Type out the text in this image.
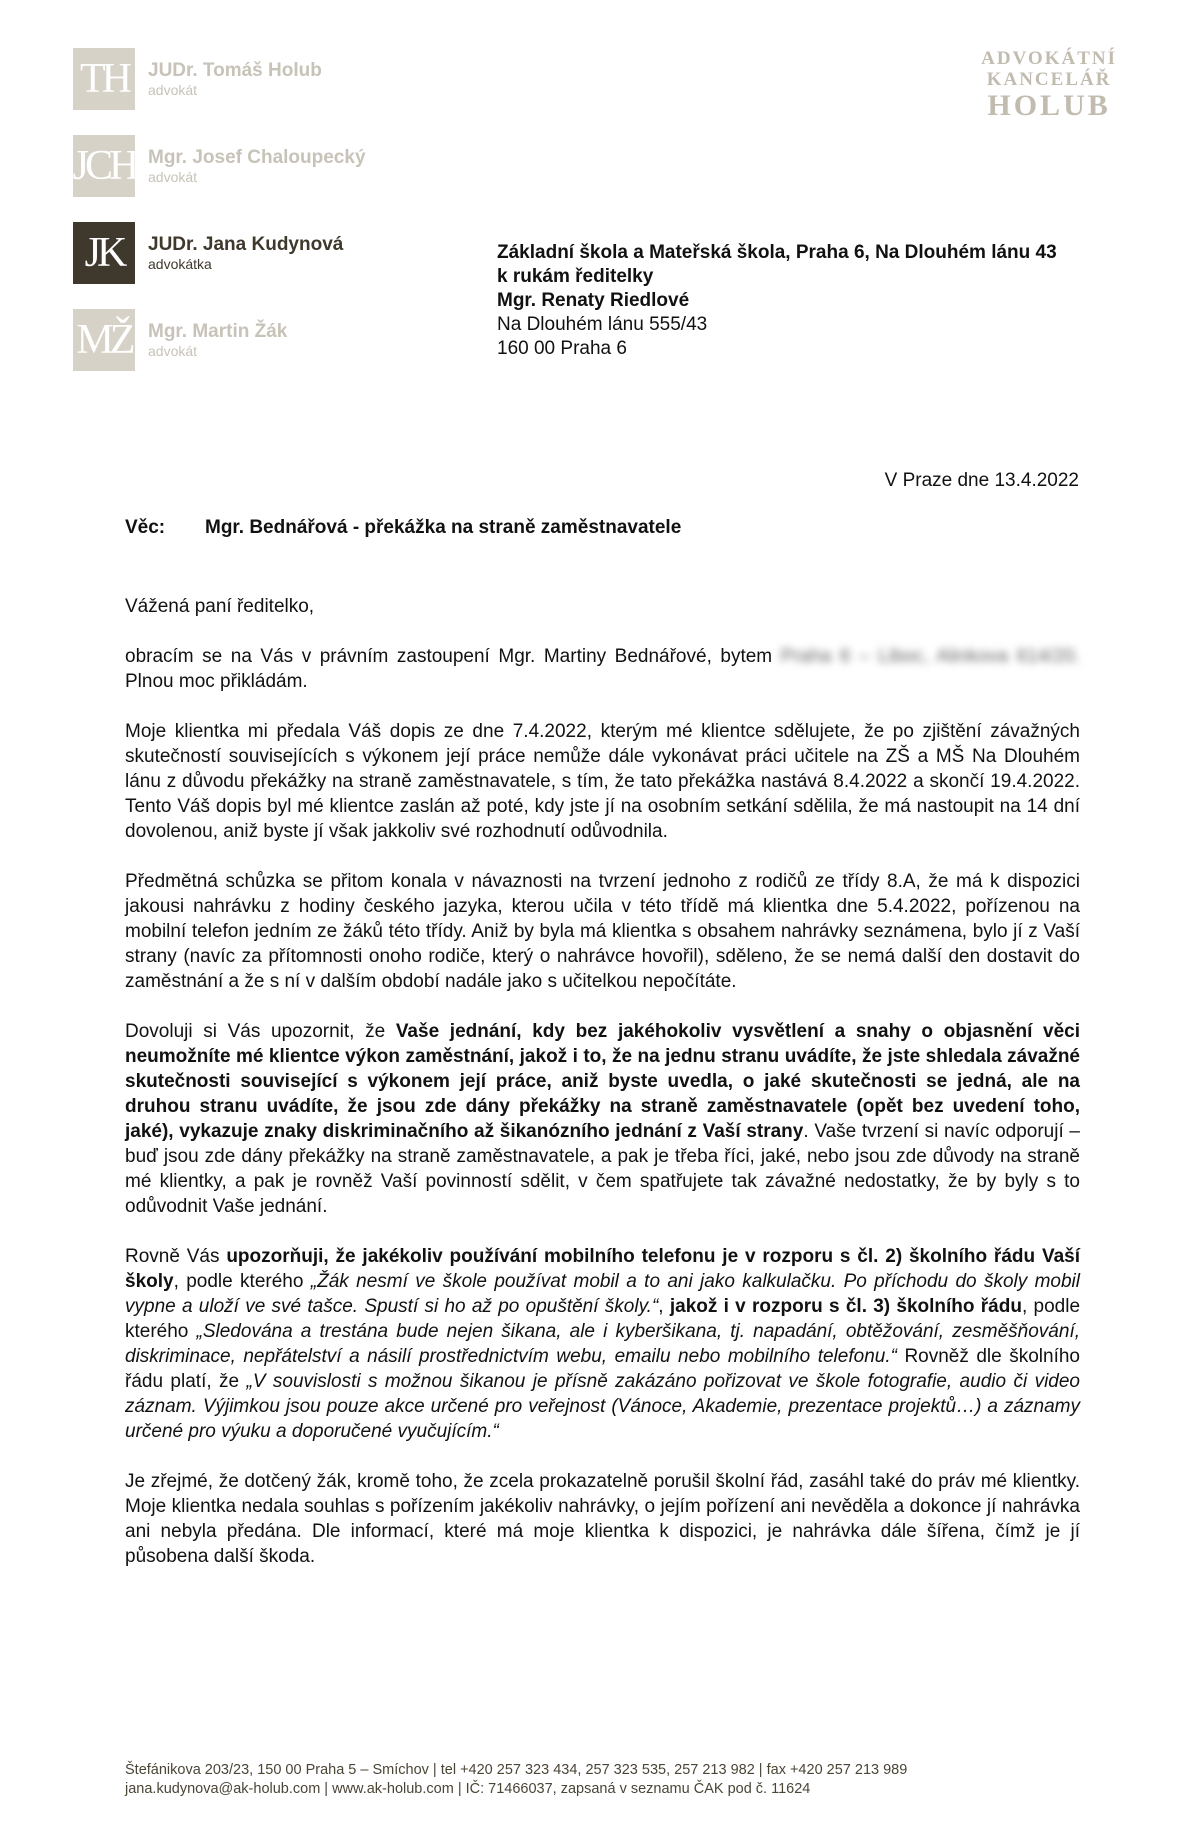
TH	JUDr. Tomáš Holub
advokát
JCH Mgr. Josef Chaloupecký
advokát
JK	JUDr. Jana Kudynová
advokátka
MŽ Mgr. Martin Žák
advokát
ADVOKÁTNÍ
KANCELÁŘ
HOLUB
Základní škola a Mateřská škola, Praha 6, Na Dlouhém lánu 43
k rukám ředitelky
Mgr. Renaty Riedlové
Na Dlouhém lánu 555/43
160 00 Praha 6
V Praze dne 13.4.2022
Věc: Mgr. Bednářová - překážka na straně zaměstnavatele

Vážená paní ředitelko,

obracím se na Vás v právním zastoupení Mgr. Martiny Bednářové, bytem Praha 6 – Liboc, Alinkova 614/20. Plnou moc přikládám.

Moje klientka mi předala Váš dopis ze dne 7.4.2022, kterým mé klientce sdělujete, že po zjištění závažných skutečností souvisejících s výkonem její práce nemůže dále vykonávat práci učitele na ZŠ a MŠ Na Dlouhém lánu z důvodu překážky na straně zaměstnavatele, s tím, že tato překážka nastává 8.4.2022 a skončí 19.4.2022. Tento Váš dopis byl mé klientce zaslán až poté, kdy jste jí na osobním setkání sdělila, že má nastoupit na 14 dní dovolenou, aniž byste jí však jakkoliv své rozhodnutí odůvodnila.

Předmětná schůzka se přitom konala v návaznosti na tvrzení jednoho z rodičů ze třídy 8.A, že má k dispozici jakousi nahrávku z hodiny českého jazyka, kterou učila v této třídě má klientka dne 5.4.2022, pořízenou na mobilní telefon jedním ze žáků této třídy. Aniž by byla má klientka s obsahem nahrávky seznámena, bylo jí z Vaší strany (navíc za přítomnosti onoho rodiče, který o nahrávce hovořil), sděleno, že se nemá další den dostavit do zaměstnání a že s ní v dalším období nadále jako s učitelkou nepočítáte.

Dovoluji si Vás upozornit, že Vaše jednání, kdy bez jakéhokoliv vysvětlení a snahy o objasnění věci neumožníte mé klientce výkon zaměstnání, jakož i to, že na jednu stranu uvádíte, že jste shledala závažné skutečnosti související s výkonem její práce, aniž byste uvedla, o jaké skutečnosti se jedná, ale na druhou stranu uvádíte, že jsou zde dány překážky na straně zaměstnavatele (opět bez uvedení toho, jaké), vykazuje znaky diskriminačního až šikanózního jednání z Vaší strany. Vaše tvrzení si navíc odporují – buď jsou zde dány překážky na straně zaměstnavatele, a pak je třeba říci, jaké, nebo jsou zde důvody na straně mé klientky, a pak je rovněž Vaší povinností sdělit, v čem spatřujete tak závažné nedostatky, že by byly s to odůvodnit Vaše jednání.

Rovně Vás upozorňuji, že jakékoliv používání mobilního telefonu je v rozporu s čl. 2) školního řádu Vaší školy, podle kterého „Žák nesmí ve škole používat mobil a to ani jako kalkulačku. Po příchodu do školy mobil vypne a uloží ve své tašce. Spustí si ho až po opuštění školy.“, jakož i v rozporu s čl. 3) školního řádu, podle kterého „Sledována a trestána bude nejen šikana, ale i kyberšikana, tj. napadání, obtěžování, zesměšňování, diskriminace, nepřátelství a násilí prostřednictvím webu, emailu nebo mobilního telefonu.“ Rovněž dle školního řádu platí, že „V souvislosti s možnou šikanou je přísně zakázáno pořizovat ve škole fotografie, audio či video záznam. Výjimkou jsou pouze akce určené pro veřejnost (Vánoce, Akademie, prezentace projektů…) a záznamy určené pro výuku a doporučené vyučujícím.“

Je zřejmé, že dotčený žák, kromě toho, že zcela prokazatelně porušil školní řád, zasáhl také do práv mé klientky. Moje klientka nedala souhlas s pořízením jakékoliv nahrávky, o jejím pořízení ani nevěděla a dokonce jí nahrávka ani nebyla předána. Dle informací, které má moje klientka k dispozici, je nahrávka dále šířena, čímž je jí působena další škoda.

Štefánikova 203/23, 150 00 Praha 5 – Smíchov | tel +420 257 323 434, 257 323 535, 257 213 982 | fax +420 257 213 989
jana.kudynova@ak-holub.com | www.ak-holub.com | IČ: 71466037, zapsaná v seznamu ČAK pod č. 11624
